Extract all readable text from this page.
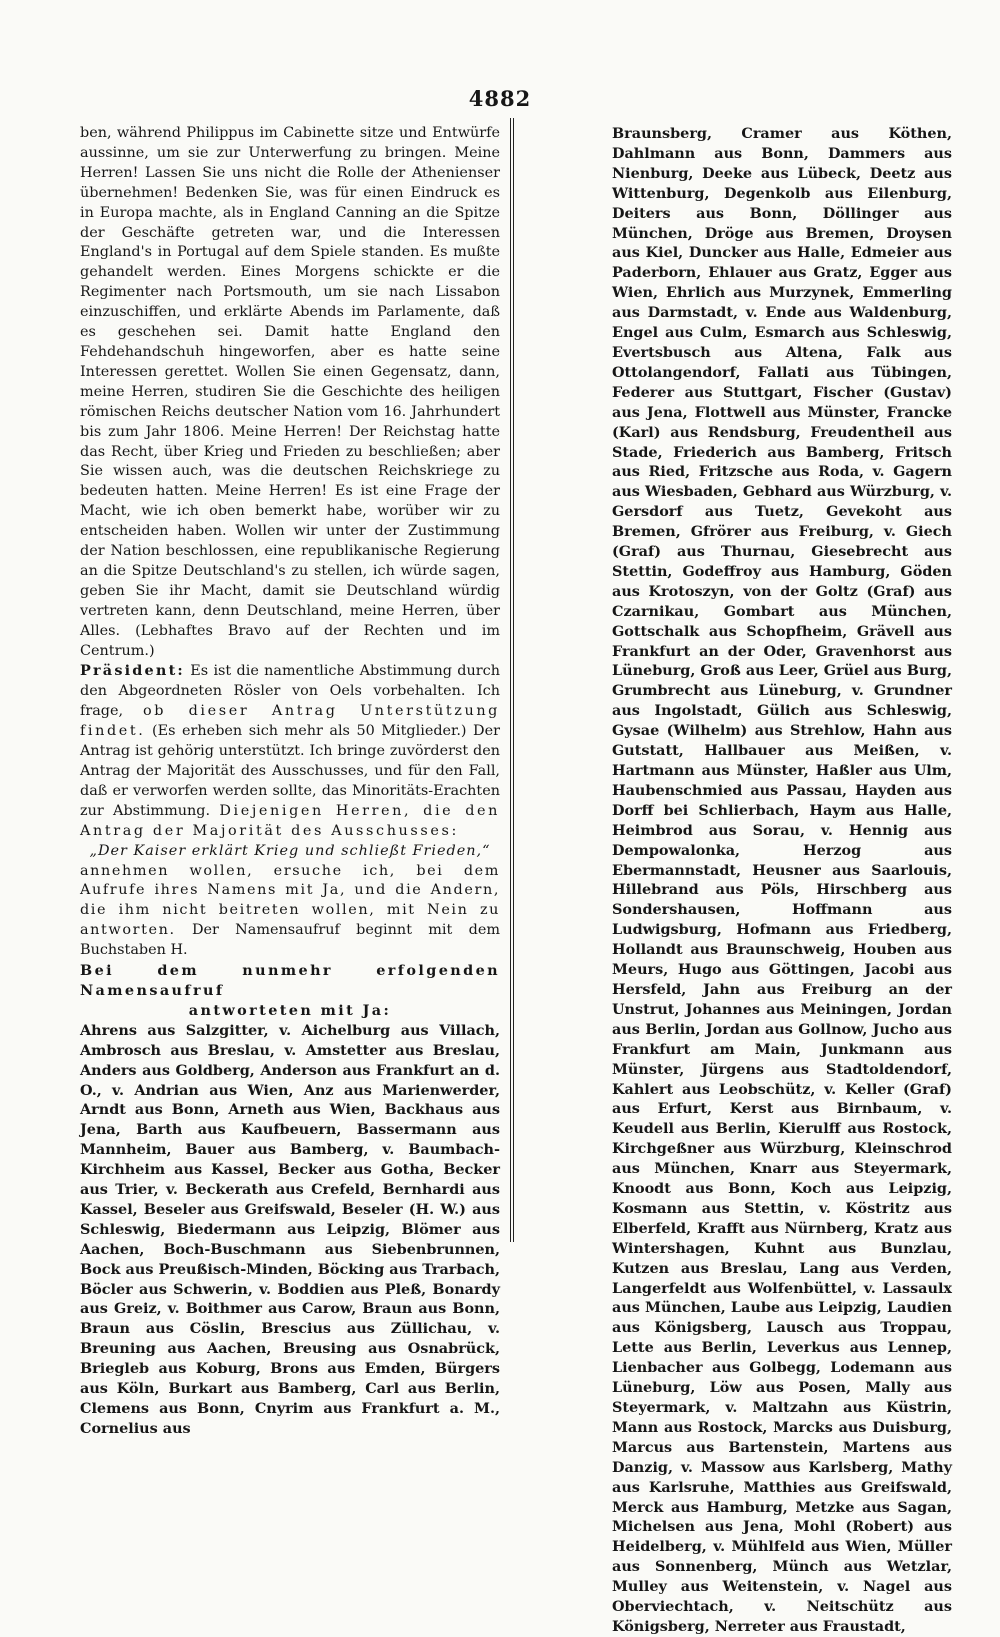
4882

ben, während Philippus im Cabinette sitze und Entwürfe aussinne, um sie zur Unterwerfung zu bringen. Meine Herren! Lassen Sie uns nicht die Rolle der Athenienser übernehmen! Bedenken Sie, was für einen Eindruck es in Europa machte, als in England Canning an die Spitze der Geschäfte getreten war, und die Interessen England's in Portugal auf dem Spiele standen. Es mußte gehandelt werden. Eines Morgens schickte er die Regimenter nach Portsmouth, um sie nach Lissabon einzuschiffen, und erklärte Abends im Parlamente, daß es geschehen sei. Damit hatte England den Fehdehandschuh hingeworfen, aber es hatte seine Interessen gerettet. Wollen Sie einen Gegensatz, dann, meine Herren, studiren Sie die Geschichte des heiligen römischen Reichs deutscher Nation vom 16. Jahrhundert bis zum Jahr 1806. Meine Herren! Der Reichstag hatte das Recht, über Krieg und Frieden zu beschließen; aber Sie wissen auch, was die deutschen Reichskriege zu bedeuten hatten. Meine Herren! Es ist eine Frage der Macht, wie ich oben bemerkt habe, worüber wir zu entscheiden haben. Wollen wir unter der Zustimmung der Nation beschlossen, eine republikanische Regierung an die Spitze Deutschland's zu stellen, ich würde sagen, geben Sie ihr Macht, damit sie Deutschland würdig vertreten kann, denn Deutschland, meine Herren, über Alles. (Lebhaftes Bravo auf der Rechten und im Centrum.)

Präsident: Es ist die namentliche Abstimmung durch den Abgeordneten Rösler von Oels vorbehalten. Ich frage, ob dieser Antrag Unterstützung findet. (Es erheben sich mehr als 50 Mitglieder.) Der Antrag ist gehörig unterstützt. Ich bringe zuvörderst den Antrag der Majorität des Ausschusses, und für den Fall, daß er verworfen werden sollte, das Minoritäts-Erachten zur Abstimmung. Diejenigen Herren, die den Antrag der Majorität des Ausschusses:

„Der Kaiser erklärt Krieg und schließt Frieden,“

annehmen wollen, ersuche ich, bei dem Aufrufe ihres Namens mit Ja, und die Andern, die ihm nicht beitreten wollen, mit Nein zu antworten. Der Namensaufruf beginnt mit dem Buchstaben H.

Bei dem nunmehr erfolgenden Namensaufruf

antworteten mit Ja:

Ahrens aus Salzgitter, v. Aichelburg aus Villach, Ambrosch aus Breslau, v. Amstetter aus Breslau, Anders aus Goldberg, Anderson aus Frankfurt an d. O., v. Andrian aus Wien, Anz aus Marienwerder, Arndt aus Bonn, Arneth aus Wien, Backhaus aus Jena, Barth aus Kaufbeuern, Bassermann aus Mannheim, Bauer aus Bamberg, v. Baumbach-Kirchheim aus Kassel, Becker aus Gotha, Becker aus Trier, v. Beckerath aus Crefeld, Bernhardi aus Kassel, Beseler aus Greifswald, Beseler (H. W.) aus Schleswig, Biedermann aus Leipzig, Blömer aus Aachen, Boch-Buschmann aus Siebenbrunnen, Bock aus Preußisch-Minden, Böcking aus Trarbach, Böcler aus Schwerin, v. Boddien aus Pleß, Bonardy aus Greiz, v. Boithmer aus Carow, Braun aus Bonn, Braun aus Cöslin, Brescius aus Züllichau, v. Breuning aus Aachen, Breusing aus Osnabrück, Briegleb aus Koburg, Brons aus Emden, Bürgers aus Köln, Burkart aus Bamberg, Carl aus Berlin, Clemens aus Bonn, Cnyrim aus Frankfurt a. M., Cornelius aus

Braunsberg, Cramer aus Köthen, Dahlmann aus Bonn, Dammers aus Nienburg, Deeke aus Lübeck, Deetz aus Wittenburg, Degenkolb aus Eilenburg, Deiters aus Bonn, Döllinger aus München, Dröge aus Bremen, Droysen aus Kiel, Duncker aus Halle, Edmeier aus Paderborn, Ehlauer aus Gratz, Egger aus Wien, Ehrlich aus Murzynek, Emmerling aus Darmstadt, v. Ende aus Waldenburg, Engel aus Culm, Esmarch aus Schleswig, Evertsbusch aus Altena, Falk aus Ottolangendorf, Fallati aus Tübingen, Federer aus Stuttgart, Fischer (Gustav) aus Jena, Flottwell aus Münster, Francke (Karl) aus Rendsburg, Freudentheil aus Stade, Friederich aus Bamberg, Fritsch aus Ried, Fritzsche aus Roda, v. Gagern aus Wiesbaden, Gebhard aus Würzburg, v. Gersdorf aus Tuetz, Gevekoht aus Bremen, Gfrörer aus Freiburg, v. Giech (Graf) aus Thurnau, Giesebrecht aus Stettin, Godeffroy aus Hamburg, Göden aus Krotoszyn, von der Goltz (Graf) aus Czarnikau, Gombart aus München, Gottschalk aus Schopfheim, Grävell aus Frankfurt an der Oder, Gravenhorst aus Lüneburg, Groß aus Leer, Grüel aus Burg, Grumbrecht aus Lüneburg, v. Grundner aus Ingolstadt, Gülich aus Schleswig, Gysae (Wilhelm) aus Strehlow, Hahn aus Gutstatt, Hallbauer aus Meißen, v. Hartmann aus Münster, Haßler aus Ulm, Haubenschmied aus Passau, Hayden aus Dorff bei Schlierbach, Haym aus Halle, Heimbrod aus Sorau, v. Hennig aus Dempowalonka, Herzog aus Ebermannstadt, Heusner aus Saarlouis, Hillebrand aus Pöls, Hirschberg aus Sondershausen, Hoffmann aus Ludwigsburg, Hofmann aus Friedberg, Hollandt aus Braunschweig, Houben aus Meurs, Hugo aus Göttingen, Jacobi aus Hersfeld, Jahn aus Freiburg an der Unstrut, Johannes aus Meiningen, Jordan aus Berlin, Jordan aus Gollnow, Jucho aus Frankfurt am Main, Junkmann aus Münster, Jürgens aus Stadtoldendorf, Kahlert aus Leobschütz, v. Keller (Graf) aus Erfurt, Kerst aus Birnbaum, v. Keudell aus Berlin, Kierulff aus Rostock, Kirchgeßner aus Würzburg, Kleinschrod aus München, Knarr aus Steyermark, Knoodt aus Bonn, Koch aus Leipzig, Kosmann aus Stettin, v. Köstritz aus Elberfeld, Krafft aus Nürnberg, Kratz aus Wintershagen, Kuhnt aus Bunzlau, Kutzen aus Breslau, Lang aus Verden, Langerfeldt aus Wolfenbüttel, v. Lassaulx aus München, Laube aus Leipzig, Laudien aus Königsberg, Lausch aus Troppau, Lette aus Berlin, Leverkus aus Lennep, Lienbacher aus Golbegg, Lodemann aus Lüneburg, Löw aus Posen, Mally aus Steyermark, v. Maltzahn aus Küstrin, Mann aus Rostock, Marcks aus Duisburg, Marcus aus Bartenstein, Martens aus Danzig, v. Massow aus Karlsberg, Mathy aus Karlsruhe, Matthies aus Greifswald, Merck aus Hamburg, Metzke aus Sagan, Michelsen aus Jena, Mohl (Robert) aus Heidelberg, v. Mühlfeld aus Wien, Müller aus Sonnenberg, Münch aus Wetzlar, Mulley aus Weitenstein, v. Nagel aus Oberviechtach, v. Neitschütz aus Königsberg, Nerreter aus Fraustadt,
